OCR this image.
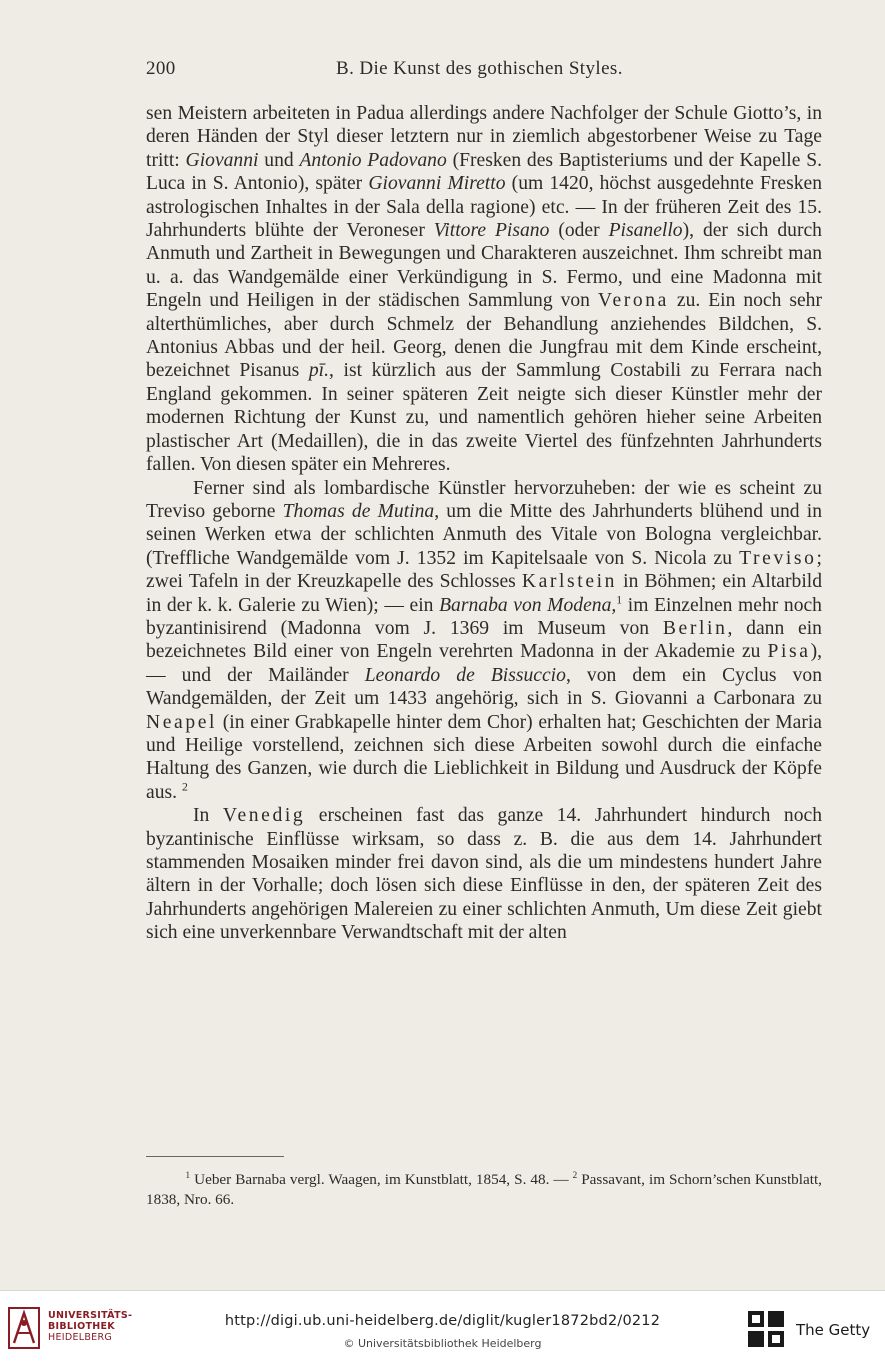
200	B. Die Kunst des gothischen Styles.

sen Meistern arbeiteten in Padua allerdings andere Nachfolger der Schule Giotto’s, in deren Händen der Styl dieser letztern nur in ziemlich abgestorbener Weise zu Tage tritt: Giovanni und Antonio Padovano (Fresken des Baptisteriums und der Kapelle S. Luca in S. Antonio), später Giovanni Miretto (um 1420, höchst ausgedehnte Fresken astrologischen Inhaltes in der Sala della ragione) etc. — In der früheren Zeit des 15. Jahrhunderts blühte der Veroneser Vittore Pisano (oder Pisanello), der sich durch Anmuth und Zartheit in Bewegungen und Charakteren auszeichnet. Ihm schreibt man u. a. das Wandgemälde einer Verkündigung in S. Fermo, und eine Madonna mit Engeln und Heiligen in der städischen Sammlung von Verona zu. Ein noch sehr alterthümliches, aber durch Schmelz der Behandlung anziehendes Bildchen, S. Antonius Abbas und der heil. Georg, denen die Jungfrau mit dem Kinde erscheint, bezeichnet Pisanus pī., ist kürzlich aus der Sammlung Costabili zu Ferrara nach England gekommen. In seiner späteren Zeit neigte sich dieser Künstler mehr der modernen Richtung der Kunst zu, und namentlich gehören hieher seine Arbeiten plastischer Art (Medaillen), die in das zweite Viertel des fünfzehnten Jahrhunderts fallen. Von diesen später ein Mehreres.

Ferner sind als lombardische Künstler hervorzuheben: der wie es scheint zu Treviso geborne Thomas de Mutina, um die Mitte des Jahrhunderts blühend und in seinen Werken etwa der schlichten Anmuth des Vitale von Bologna vergleichbar. (Treffliche Wandgemälde vom J. 1352 im Kapitelsaale von S. Nicola zu Treviso; zwei Tafeln in der Kreuzkapelle des Schlosses Karlstein in Böhmen; ein Altarbild in der k. k. Galerie zu Wien); — ein Barnaba von Modena,$^1$ im Einzelnen mehr noch byzantinisirend (Madonna vom J. 1369 im Museum von Berlin, dann ein bezeichnetes Bild einer von Engeln verehrten Madonna in der Akademie zu Pisa), — und der Mailänder Leonardo de Bissuccio, von dem ein Cyclus von Wandgemälden, der Zeit um 1433 angehörig, sich in S. Giovanni a Carbonara zu Neapel (in einer Grabkapelle hinter dem Chor) erhalten hat; Geschichten der Maria und Heilige vorstellend, zeichnen sich diese Arbeiten sowohl durch die einfache Haltung des Ganzen, wie durch die Lieblichkeit in Bildung und Ausdruck der Köpfe aus. $^2$

In Venedig erscheinen fast das ganze 14. Jahrhundert hindurch noch byzantinische Einflüsse wirksam, so dass z. B. die aus dem 14. Jahrhundert stammenden Mosaiken minder frei davon sind, als die um mindestens hundert Jahre ältern in der Vorhalle; doch lösen sich diese Einflüsse in den, der späteren Zeit des Jahrhunderts angehörigen Malereien zu einer schlichten Anmuth, Um diese Zeit giebt sich eine unverkennbare Verwandtschaft mit der alten

$^1$ Ueber Barnaba vergl. Waagen, im Kunstblatt, 1854, S. 48. — $^2$ Passavant, im Schorn’schen Kunstblatt, 1838, Nro. 66.

UNIVERSITÄTS-
BIBLIOTHEK
HEIDELBERG
http://digi.ub.uni-heidelberg.de/diglit/kugler1872bd2/0212
© Universitätsbibliothek Heidelberg
The Getty
